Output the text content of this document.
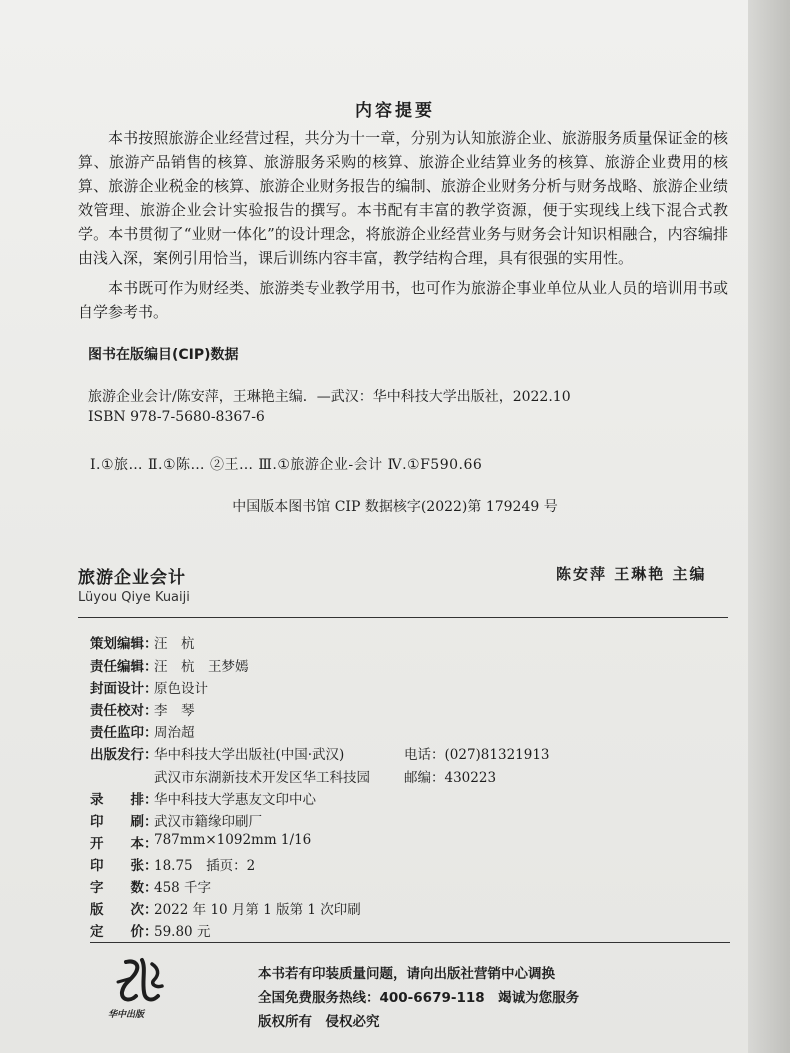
内容提要

本书按照旅游企业经营过程，共分为十一章，分别为认知旅游企业、旅游服务质量保证金的核算、旅游产品销售的核算、旅游服务采购的核算、旅游企业结算业务的核算、旅游企业费用的核算、旅游企业税金的核算、旅游企业财务报告的编制、旅游企业财务分析与财务战略、旅游企业绩效管理、旅游企业会计实验报告的撰写。本书配有丰富的教学资源，便于实现线上线下混合式教学。本书贯彻了“业财一体化”的设计理念，将旅游企业经营业务与财务会计知识相融合，内容编排由浅入深，案例引用恰当，课后训练内容丰富，教学结构合理，具有很强的实用性。

本书既可作为财经类、旅游类专业教学用书，也可作为旅游企事业单位从业人员的培训用书或自学参考书。

图书在版编目(CIP)数据
旅游企业会计/陈安萍，王琳艳主编．—武汉：华中科技大学出版社，2022.10
ISBN 978-7-5680-8367-6
Ⅰ.①旅… Ⅱ.①陈… ②王… Ⅲ.①旅游企业-会计 Ⅳ.①F590.66
中国版本图书馆 CIP 数据核字(2022)第 179249 号
旅游企业会计
Lüyou Qiye Kuaiji
陈安萍 王琳艳 主编
策划编辑：
汪　杭
责任编辑：
汪　杭　王梦嫣
封面设计：
原色设计
责任校对：
李　琴
责任监印：
周治超
出版发行：
华中科技大学出版社(中国·武汉)	电话：(027)81321913
武汉市东湖新技术开发区华工科技园	邮编：430223
录　　排：
华中科技大学惠友文印中心
印　　刷：
武汉市籍缘印刷厂
开　　本：
787mm×1092mm 1/16
印　　张：
18.75　插页：2
字　　数：
458 千字
版　　次：
2022 年 10 月第 1 版第 1 次印刷
定　　价：
59.80 元
华中出版
本书若有印装质量问题，请向出版社营销中心调换
全国免费服务热线：400-6679-118　竭诚为您服务
版权所有　侵权必究
